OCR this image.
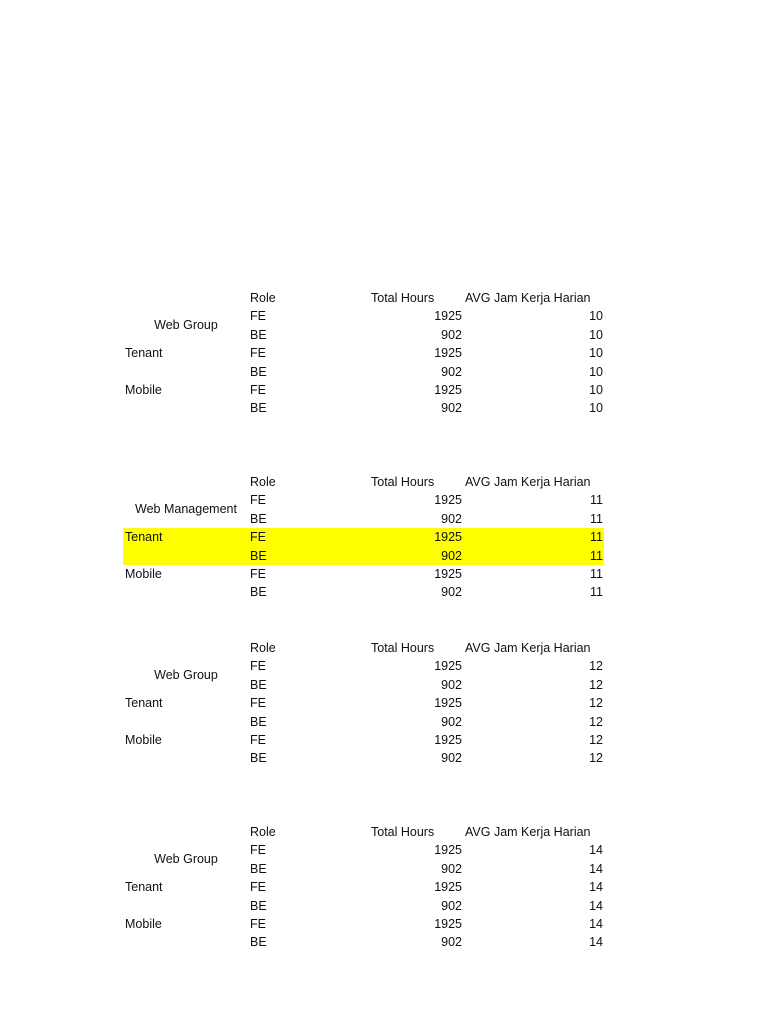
Role	Total Hours AVG Jam Kerja Harian
Web Group
FE	1925	10
BE	902	10
Tenant	FE	1925	10
BE	902	10
Mobile	FE	1925	10
BE	902	10
Role	Total Hours AVG Jam Kerja Harian
Web Management
FE	1925	11
BE	902	11
Tenant	FE	1925	11
BE	902	11
Mobile	FE	1925	11
BE	902	11
Role	Total Hours AVG Jam Kerja Harian
Web Group
FE	1925	12
BE	902	12
Tenant	FE	1925	12
BE	902	12
Mobile	FE	1925	12
BE	902	12
Role	Total Hours AVG Jam Kerja Harian
Web Group
FE	1925	14
BE	902	14
Tenant	FE	1925	14
BE	902	14
Mobile	FE	1925	14
BE	902	14
